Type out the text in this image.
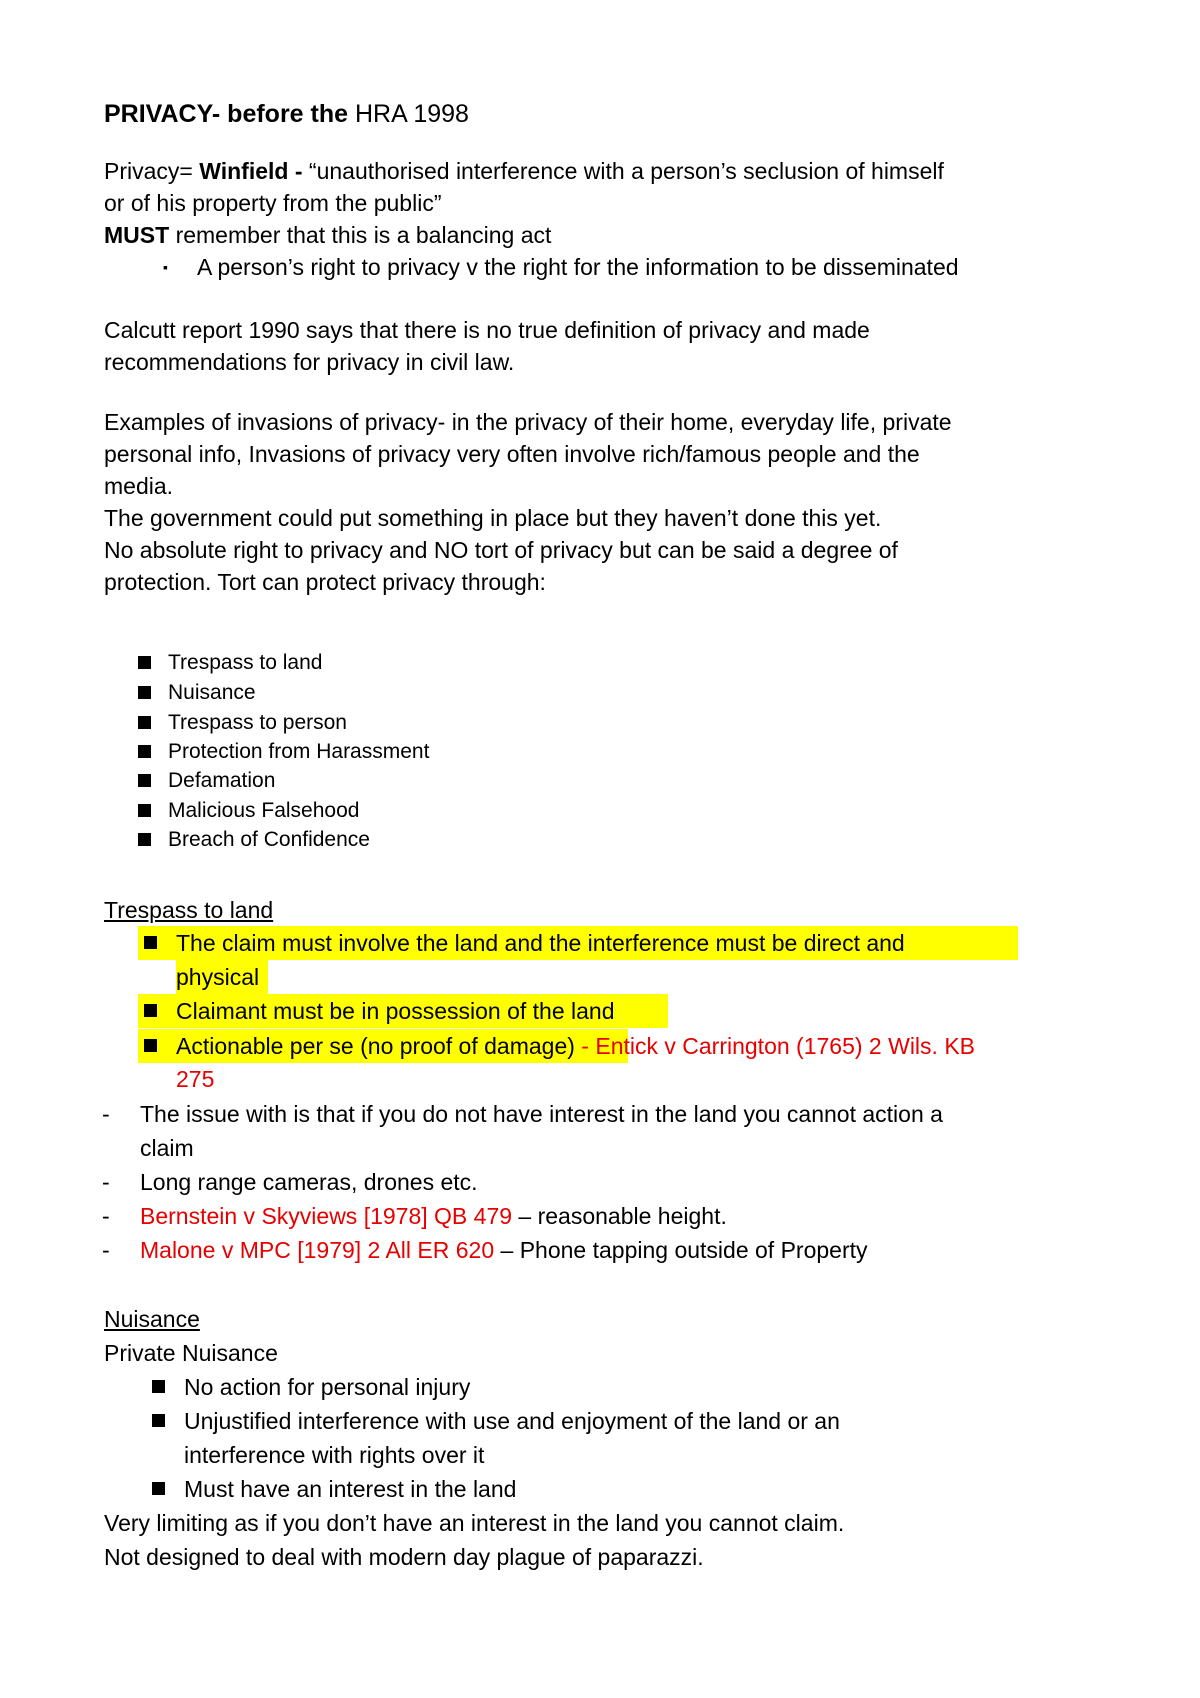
PRIVACY- before the HRA 1998
Privacy= Winfield - “unauthorised interference with a person’s seclusion of himself
or of his property from the public”
MUST remember that this is a balancing act
▪ A person’s right to privacy v the right for the information to be disseminated
Calcutt report 1990 says that there is no true definition of privacy and made
recommendations for privacy in civil law.
Examples of invasions of privacy- in the privacy of their home, everyday life, private
personal info, Invasions of privacy very often involve rich/famous people and the
media.
The government could put something in place but they haven’t done this yet.
No absolute right to privacy and NO tort of privacy but can be said a degree of
protection. Tort can protect privacy through:
Trespass to land
Nuisance
Trespass to person
Protection from Harassment
Defamation
Malicious Falsehood
Breach of Confidence
Trespass to land
The claim must involve the land and the interference must be direct and
physical
Claimant must be in possession of the land
Actionable per se (no proof of damage) - Entick v Carrington (1765) 2 Wils. KB
275
- The issue with is that if you do not have interest in the land you cannot action a
claim
- Long range cameras, drones etc.
- Bernstein v Skyviews [1978] QB 479 – reasonable height.
- Malone v MPC [1979] 2 All ER 620 – Phone tapping outside of Property
Nuisance
Private Nuisance
No action for personal injury
Unjustified interference with use and enjoyment of the land or an
interference with rights over it
Must have an interest in the land
Very limiting as if you don’t have an interest in the land you cannot claim.
Not designed to deal with modern day plague of paparazzi.
